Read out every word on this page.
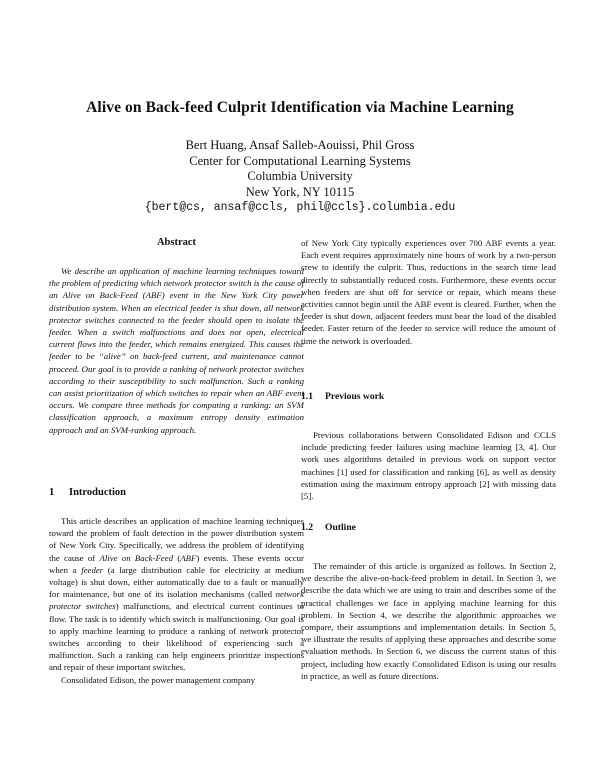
Alive on Back-feed Culprit Identification via Machine Learning
Bert Huang, Ansaf Salleb-Aouissi, Phil Gross
Center for Computational Learning Systems
Columbia University
New York, NY 10115
{bert@cs, ansaf@ccls, phil@ccls}.columbia.edu
Abstract

We describe an application of machine learning techniques toward the problem of predicting which network protector switch is the cause of an Alive on Back-Feed (ABF) event in the New York City power distribution system. When an electrical feeder is shut down, all network protector switches connected to the feeder should open to isolate the feeder. When a switch malfunctions and does not open, electrical current flows into the feeder, which remains energized. This causes the feeder to be “alive” on back-feed current, and maintenance cannot proceed. Our goal is to provide a ranking of network protector switches according to their susceptibility to such malfunction. Such a ranking can assist prioritization of which switches to repair when an ABF event occurs. We compare three methods for computing a ranking: an SVM classification approach, a maximum entropy density estimation approach and an SVM-ranking approach.

1 Introduction

This article describes an application of machine learning techniques toward the problem of fault detection in the power distribution system of New York City. Specifically, we address the problem of identifying the cause of Alive on Back-Feed (ABF) events. These events occur when a feeder (a large distribution cable for electricity at medium voltage) is shut down, either automatically due to a fault or manually for maintenance, but one of its isolation mechanisms (called network protector switches) malfunctions, and electrical current continues to flow. The task is to identify which switch is malfunctioning. Our goal is to apply machine learning to produce a ranking of network protector switches according to their likelihood of experiencing such a malfunction. Such a ranking can help engineers prioritize inspections and repair of these important switches.

Consolidated Edison, the power management company

of New York City typically experiences over 700 ABF events a year. Each event requires approximately nine hours of work by a two-person crew to identify the culprit. Thus, reductions in the search time lead directly to substantially reduced costs. Furthermore, these events occur when feeders are shut off for service or repair, which means these activities cannot begin until the ABF event is cleared. Further, when the feeder is shut down, adjacent feeders must bear the load of the disabled feeder. Faster return of the feeder to service will reduce the amount of time the network is overloaded.

1.1 Previous work

Previous collaborations between Consolidated Edison and CCLS include predicting feeder failures using machine learning [3, 4]. Our work uses algorithms detailed in previous work on support vector machines [1] used for classification and ranking [6], as well as density estimation using the maximum entropy approach [2] with missing data [5].

1.2 Outline

The remainder of this article is organized as follows. In Section 2, we describe the alive-on-back-feed problem in detail. In Section 3, we describe the data which we are using to train and describes some of the practical challenges we face in applying machine learning for this problem. In Section 4, we describe the algorithmic approaches we compare, their assumptions and implementation details. In Section 5, we illustrate the results of applying these approaches and describe some evaluation methods. In Section 6, we discuss the current status of this project, including how exactly Consolidated Edison is using our results in practice, as well as future directions.
